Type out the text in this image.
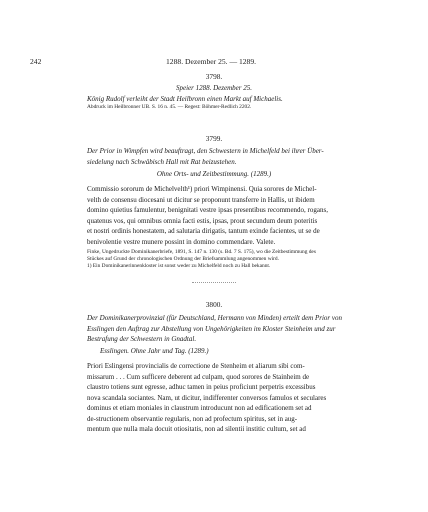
242	1288. Dezember 25. — 1289.
3798.
Speier 1288. Dezember 25.
König Rudolf verleiht der Stadt Heilbronn einen Markt auf Michaelis.
Abdruck im Heilbronner UB. S. 16 n. 45. — Regest: Böhmer-Redlich 2202.
3799.
Der Prior in Wimpfen wird beauftragt, den Schwestern in Michelfeld bei ihrer Über-
siedelung nach Schwäbisch Hall mit Rat beizustehen.
Ohne Orts- und Zeitbestimmung. (1289.)
Commissio sororum de Michelvelth¹) priori Wimpinensi. Quia sorores de Michel-
velth de consensu diocesani ut dicitur se proponunt transferre in Hallis, ut ibidem
domino quietius famulentur, benignitati vestre ipsas presentibus recommendo, rogans,
quatenus vos, qui omnibus omnia facti estis, ipsas, prout secundum deum poteritis
et nostri ordinis honestatem, ad salutaria dirigatis, tantum exinde facientes, ut se de
benivolentie vestre munere possint in domino commendare. Valete.
Finke, Ungedruckte Dominikanerbriefe, 1891, S. 147 n. 130 (s. Bd. 7 S. 175), wo die Zeitbestimmung des
Stückes auf Grund der chronologischen Ordnung der Briefsammlung angenommen wird.
1) Ein Dominikanerinnenkloster ist sonst weder zu Michelfeld noch zu Hall bekannt.
3800.
Der Dominikanerprovinzial (für Deutschland, Hermann von Minden) erteilt dem Prior von
Esslingen den Auftrag zur Abstellung von Ungehörigkeiten im Kloster Steinheim und zur
Bestrafung der Schwestern in Gnadtal.
Esslingen. Ohne Jahr und Tag. (1289.)
Priori Eslingensi provincialis de correctione de Stenheim et aliarum sibi com-
missarum . . . Cum sufficere deberent ad culpam, quod sorores de Stainheim de
claustro totiens sunt egresse, adhuc tamen in peius proficiunt perpetris excessibus
nova scandala sociantes. Nam, ut dicitur, indifferenter conversos famulos et seculares
dominus et etiam moniales in claustrum introducunt non ad edificationem set ad
de-structionem observantie regularis, non ad profectum spiritus, set in aug-
mentum que nulla mala docuit otiositatis, non ad silentii institic cultum, set ad
